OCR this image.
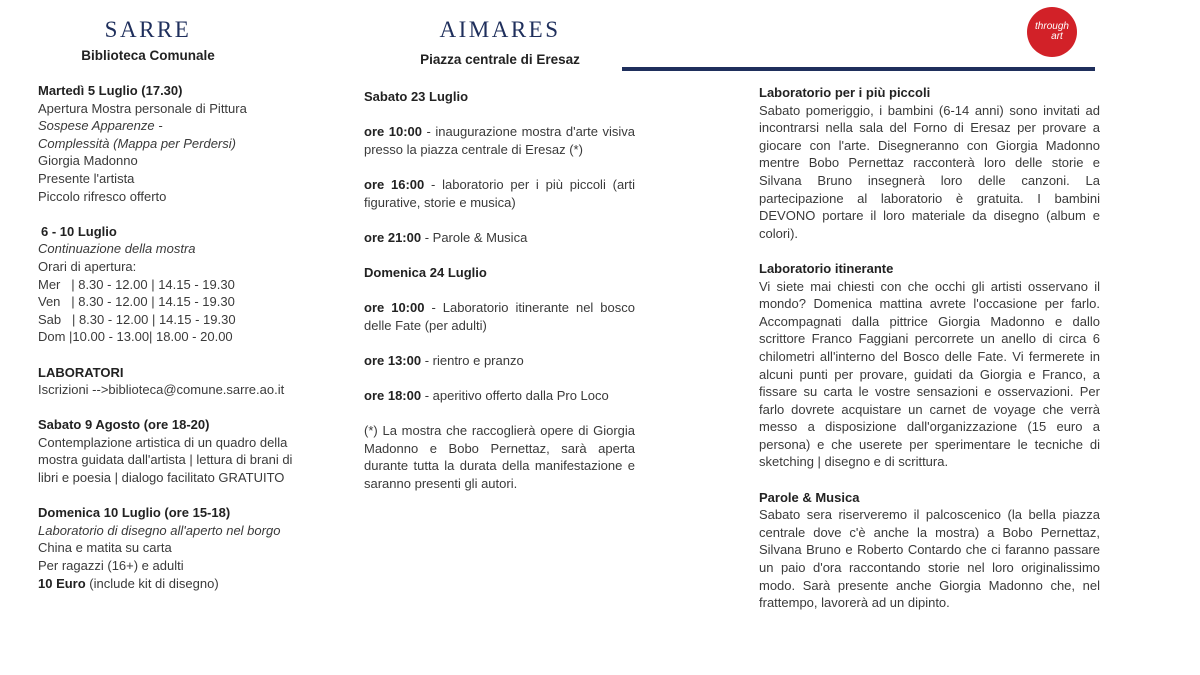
SARRE
Biblioteca Comunale
AIMARES
Piazza centrale di Eresaz
through
art

Martedì 5 Luglio (17.30)

Apertura Mostra personale di Pittura

Sospese Apparenze -

Complessità (Mappa per Perdersi)

Giorgia Madonno

Presente l'artista

Piccolo rifresco offerto

6 - 10 Luglio

Continuazione della mostra

Orari di apertura:

Mer   | 8.30 - 12.00 | 14.15 - 19.30

Ven   | 8.30 - 12.00 | 14.15 - 19.30

Sab   | 8.30 - 12.00 | 14.15 - 19.30

Dom |10.00 - 13.00| 18.00 - 20.00

LABORATORI

Iscrizioni -->biblioteca@comune.sarre.ao.it

Sabato 9 Agosto (ore 18-20)

Contemplazione artistica di un quadro della mostra guidata dall'artista | lettura di brani di libri e poesia | dialogo facilitato GRATUITO

Domenica 10 Luglio (ore 15-18)

Laboratorio di disegno all'aperto nel borgo

China e matita su carta

Per ragazzi (16+) e adulti

10 Euro (include kit di disegno)

Sabato 23 Luglio

ore 10:00 - inaugurazione mostra d'arte visiva presso la piazza centrale di Eresaz (*)

ore 16:00 - laboratorio per i più piccoli (arti figurative, storie e musica)

ore 21:00 - Parole & Musica

Domenica 24 Luglio

ore 10:00 - Laboratorio itinerante nel bosco delle Fate (per adulti)

ore 13:00 - rientro e pranzo

ore 18:00 - aperitivo offerto dalla Pro Loco

(*) La mostra che raccoglierà opere di Giorgia Madonno e Bobo Pernettaz, sarà aperta durante tutta la durata della manifestazione e saranno presenti gli autori.

Laboratorio per i più piccoli

Sabato pomeriggio, i bambini (6-14 anni) sono invitati ad incontrarsi nella sala del Forno di Eresaz per provare a giocare con l'arte. Disegneranno con Giorgia Madonno mentre Bobo Pernettaz racconterà loro delle storie e Silvana Bruno insegnerà loro delle canzoni. La partecipazione al laboratorio è gratuita. I bambini DEVONO portare il loro materiale da disegno (album e colori).

Laboratorio itinerante

Vi siete mai chiesti con che occhi gli artisti osservano il mondo? Domenica mattina avrete l'occasione per farlo. Accompagnati dalla pittrice Giorgia Madonno e dallo scrittore Franco Faggiani percorrete un anello di circa 6 chilometri all'interno del Bosco delle Fate. Vi fermerete in alcuni punti per provare, guidati da Giorgia e Franco, a fissare su carta le vostre sensazioni e osservazioni. Per farlo dovrete acquistare un carnet de voyage che verrà messo a disposizione dall'organizzazione (15 euro a persona) e che userete per sperimentare le tecniche di sketching | disegno e di scrittura.

Parole & Musica

Sabato sera riserveremo il palcoscenico (la bella piazza centrale dove c'è anche la mostra) a Bobo Pernettaz, Silvana Bruno e Roberto Contardo che ci faranno passare un paio d'ora raccontando storie nel loro originalissimo modo. Sarà presente anche Giorgia Madonno che, nel frattempo, lavorerà ad un dipinto.
